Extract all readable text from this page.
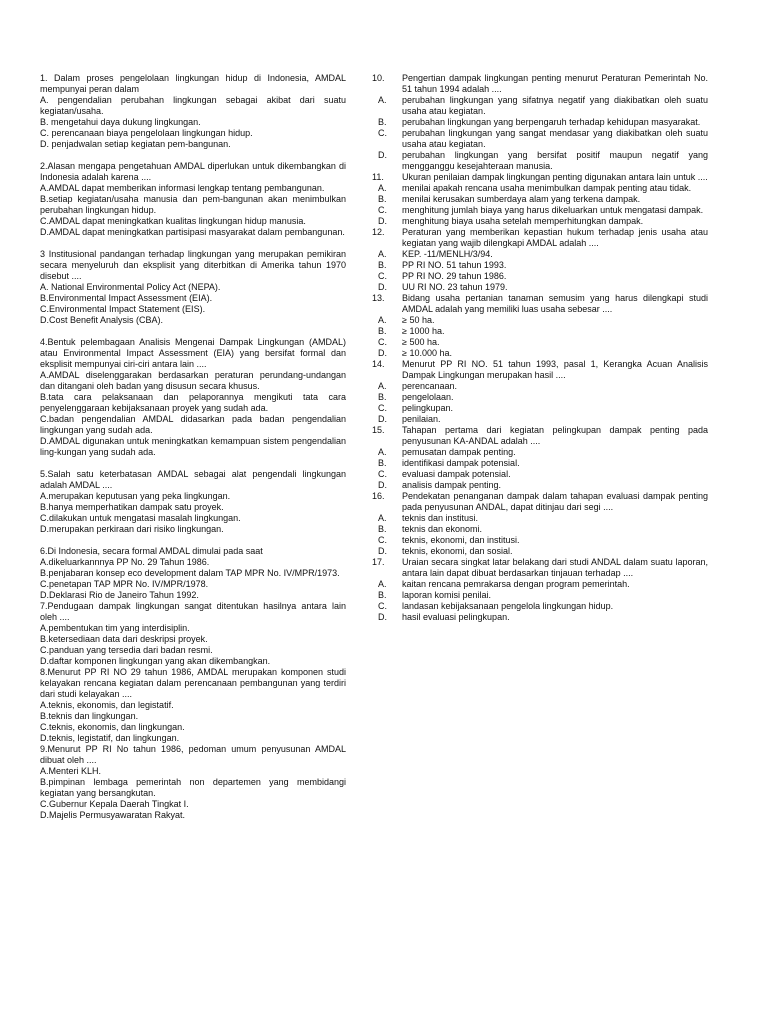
1. Dalam proses pengelolaan lingkungan hidup di Indonesia, AMDAL mempunyai peran dalam

A. pengendalian perubahan lingkungan sebagai akibat dari suatu kegiatan/usaha.

B. mengetahui daya dukung lingkungan.

C. perencanaan biaya pengelolaan lingkungan hidup.

D. penjadwalan setiap kegiatan pem-bangunan.

2.Alasan mengapa pengetahuan AMDAL diperlukan untuk dikembangkan di Indonesia adalah karena ....

A.AMDAL dapat memberikan informasi lengkap tentang pembangunan.

B.setiap kegiatan/usaha manusia dan pem-bangunan akan menimbulkan perubahan lingkungan hidup.

C.AMDAL dapat meningkatkan kualitas lingkungan hidup manusia.

D.AMDAL dapat meningkatkan partisipasi masyarakat dalam pembangunan.

3 Institusional pandangan terhadap lingkungan yang merupakan pemikiran secara menyeluruh dan eksplisit yang diterbitkan di Amerika tahun 1970 disebut ....

A. National Environmental Policy Act (NEPA).

B.Environmental Impact Assessment (EIA).

C.Environmental Impact Statement (EIS).

D.Cost Benefit Analysis (CBA).

4.Bentuk pelembagaan Analisis Mengenai Dampak Lingkungan (AMDAL) atau Environmental Impact Assessment (EIA) yang bersifat formal dan eksplisit mempunyai ciri-ciri antara lain ....

A.AMDAL diselenggarakan berdasarkan peraturan perundang-undangan dan ditangani oleh badan yang disusun secara khusus.

B.tata cara pelaksanaan dan pelaporannya mengikuti tata cara penyelenggaraan kebijaksanaan proyek yang sudah ada.

C.badan pengendalian AMDAL didasarkan pada badan pengendalian lingkungan yang sudah ada.

D.AMDAL digunakan untuk meningkatkan kemampuan sistem pengendalian ling-kungan yang sudah ada.

5.Salah satu keterbatasan AMDAL sebagai alat pengendali lingkungan adalah AMDAL ....

A.merupakan keputusan yang peka lingkungan.

B.hanya memperhatikan dampak satu proyek.

C.dilakukan untuk mengatasi masalah lingkungan.

D.merupakan perkiraan dari risiko lingkungan.

6.Di Indonesia, secara formal AMDAL dimulai pada saat

A.dikeluarkannnya PP No. 29 Tahun 1986.

B.penjabaran konsep eco development dalam TAP MPR No. IV/MPR/1973.

C.penetapan TAP MPR No. IV/MPR/1978.

D.Deklarasi Rio de Janeiro Tahun 1992.

7.Pendugaan dampak lingkungan sangat ditentukan hasilnya antara lain oleh ....

A.pembentukan tim yang interdisiplin.

B.ketersediaan data dari deskripsi proyek.

C.panduan yang tersedia dari badan resmi.

D.daftar komponen lingkungan yang akan dikembangkan.

8.Menurut PP RI NO 29 tahun 1986, AMDAL merupakan komponen studi kelayakan rencana kegiatan dalam perencanaan pembangunan yang terdiri dari studi kelayakan ....

A.teknis, ekonomis, dan legistatif.

B.teknis dan lingkungan.

C.teknis, ekonomis, dan lingkungan.

D.teknis, legistatif, dan lingkungan.

9.Menurut PP RI No tahun 1986, pedoman umum penyusunan AMDAL dibuat oleh ....

A.Menteri KLH.

B.pimpinan lembaga pemerintah non departemen yang membidangi kegiatan yang bersangkutan.

C.Gubernur Kepala Daerah Tingkat I.

D.Majelis Permusyawaratan Rakyat.

10.	Pengertian dampak lingkungan penting menurut Peraturan Pemerintah No. 51 tahun 1994 adalah ....
A.	perubahan lingkungan yang sifatnya negatif yang diakibatkan oleh suatu usaha atau kegiatan.
B.	perubahan lingkungan yang berpengaruh terhadap kehidupan masyarakat.
C.	perubahan lingkungan yang sangat mendasar yang diakibatkan oleh suatu usaha atau kegiatan.
D.	perubahan lingkungan yang bersifat positif maupun negatif yang mengganggu kesejahteraan manusia.
11.	Ukuran penilaian dampak lingkungan penting digunakan antara lain untuk ....
A.	menilai apakah rencana usaha menimbulkan dampak penting atau tidak.
B.	menilai kerusakan sumberdaya alam yang terkena dampak.
C.	menghitung jumlah biaya yang harus dikeluarkan untuk mengatasi dampak.
D.	menghitung biaya usaha setelah memperhitungkan dampak.
12.	Peraturan yang memberikan kepastian hukum terhadap jenis usaha atau kegiatan yang wajib dilengkapi AMDAL adalah ....
A.	KEP. -11/MENLH/3/94.
B.	PP RI NO. 51 tahun 1993.
C.	PP RI NO. 29 tahun 1986.
D.	UU RI NO. 23 tahun 1979.
13.	Bidang usaha pertanian tanaman semusim yang harus dilengkapi studi AMDAL adalah yang memiliki luas usaha sebesar ....
A.	≥ 50 ha.
B.	≥ 1000 ha.
C.	≥ 500 ha.
D.	≥ 10.000 ha.
14.	Menurut PP RI NO. 51 tahun 1993, pasal 1, Kerangka Acuan Analisis Dampak Lingkungan merupakan hasil ....
A.	perencanaan.
B.	pengelolaan.
C.	pelingkupan.
D.	penilaian.
15.	Tahapan pertama dari kegiatan pelingkupan dampak penting pada penyusunan KA-ANDAL adalah ....
A.	pemusatan dampak penting.
B.	identifikasi dampak potensial.
C.	evaluasi dampak potensial.
D.	analisis dampak penting.
16.	Pendekatan penanganan dampak dalam tahapan evaluasi dampak penting pada penyusunan ANDAL, dapat ditinjau dari segi ....
A.	teknis dan institusi.
B.	teknis dan ekonomi.
C.	teknis, ekonomi, dan institusi.
D.	teknis, ekonomi, dan sosial.
17.	Uraian secara singkat latar belakang dari studi ANDAL dalam suatu laporan, antara lain dapat dibuat berdasarkan tinjauan terhadap ....
A.	kaitan rencana pemrakarsa dengan program pemerintah.
B.	laporan komisi penilai.
C.	landasan kebijaksanaan pengelola lingkungan hidup.
D.	hasil evaluasi pelingkupan.
